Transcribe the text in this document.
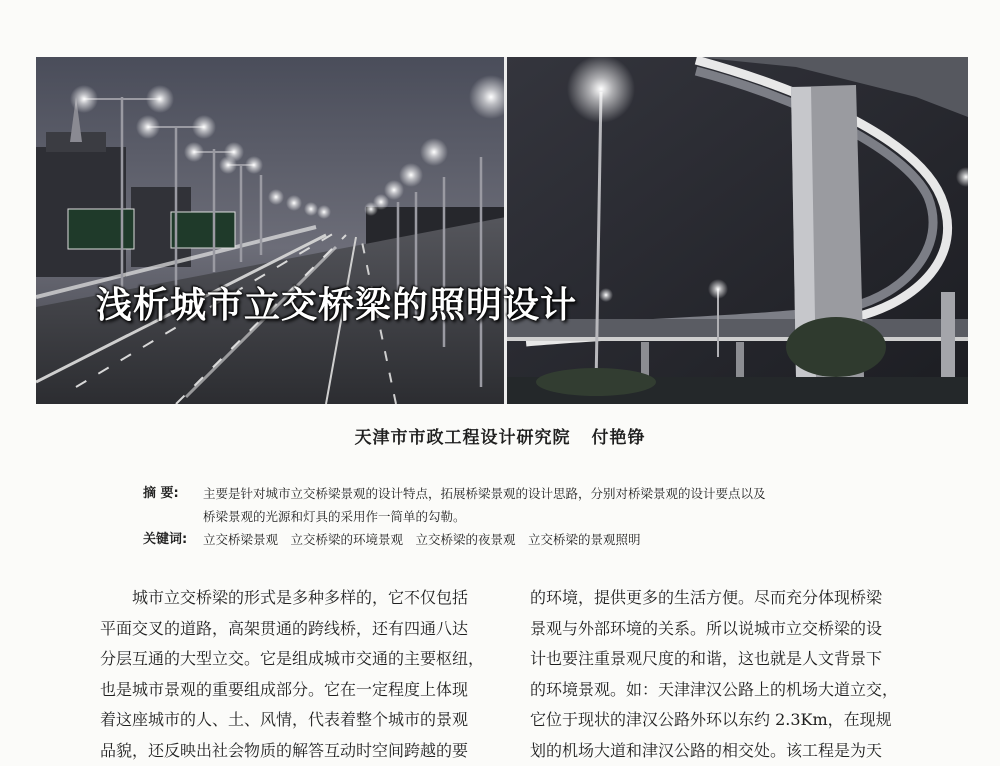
浅析城市立交桥梁的照明设计
天津市市政工程设计研究院 付艳铮
摘 要: 主要是针对城市立交桥梁景观的设计特点，拓展桥梁景观的设计思路，分别对桥梁景观的设计要点以及
桥梁景观的光源和灯具的采用作一简单的勾勒。
关键词: 立交桥梁景观　立交桥梁的环境景观　立交桥梁的夜景观　立交桥梁的景观照明
城市立交桥梁的形式是多种多样的，它不仅包括
平面交叉的道路，高架贯通的跨线桥，还有四通八达
分层互通的大型立交。它是组成城市交通的主要枢纽，
也是城市景观的重要组成部分。它在一定程度上体现
着这座城市的人、土、风情，代表着整个城市的景观
品貌，还反映出社会物质的解答互动时空间跨越的要
的环境，提供更多的生活方便。尽而充分体现桥梁
景观与外部环境的关系。所以说城市立交桥梁的设
计也要注重景观尺度的和谐，这也就是人文背景下
的环境景观。如：天津津汉公路上的机场大道立交，
它位于现状的津汉公路外环以东约 2.3Km，在现规
划的机场大道和津汉公路的相交处。该工程是为天
